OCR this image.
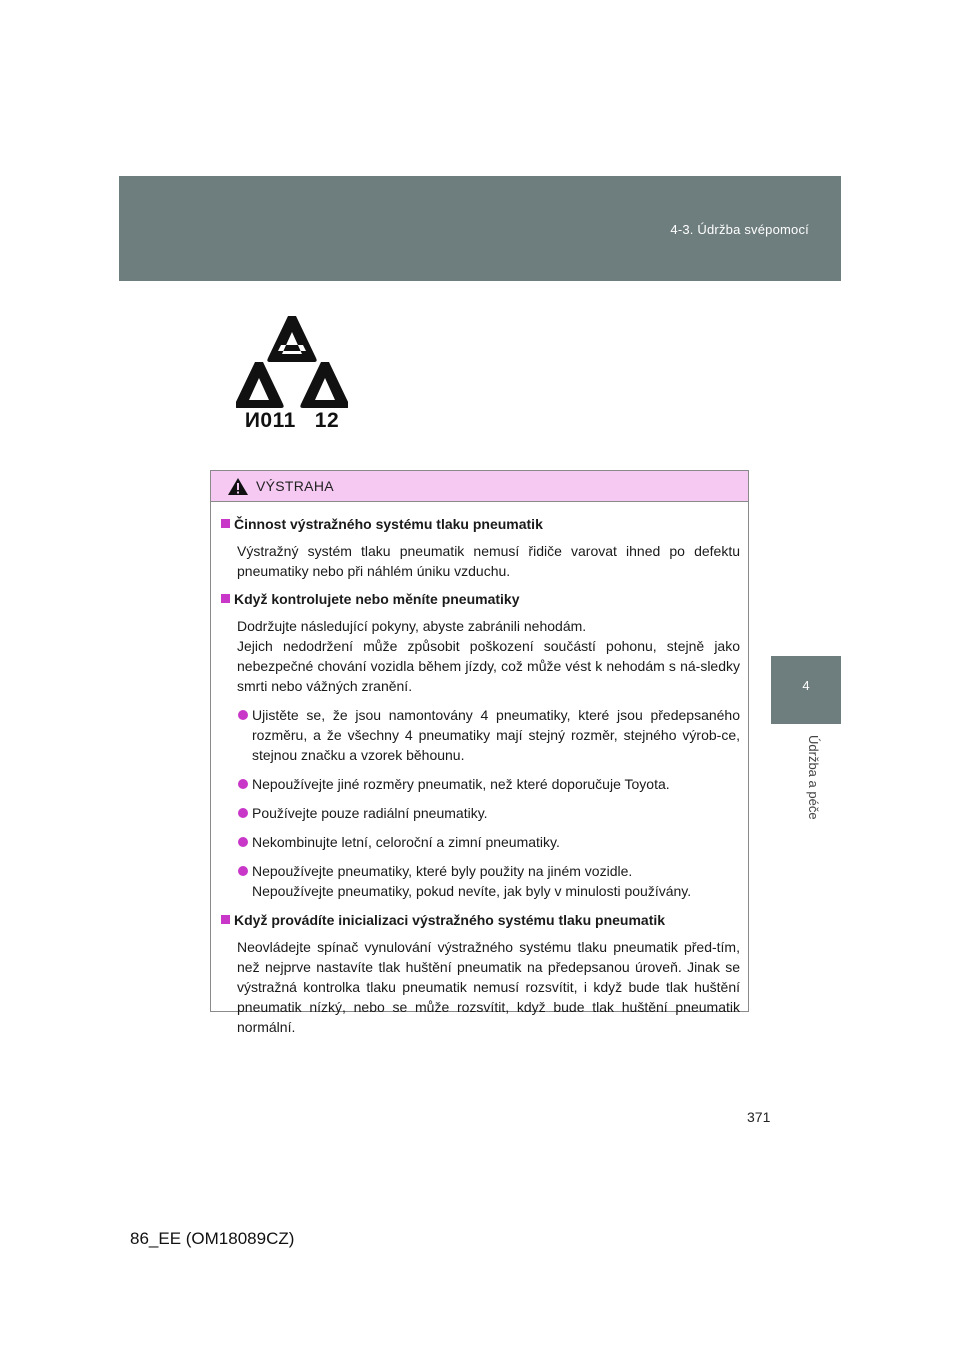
4-3. Údržba svépomocí
4
Údržba a péče
И011   12
VÝSTRAHA
Činnost výstražného systému tlaku pneumatik

Výstražný systém tlaku pneumatik nemusí řidiče varovat ihned po defektu pneumatiky nebo při náhlém úniku vzduchu.

Když kontrolujete nebo měníte pneumatiky

Dodržujte následující pokyny, abyste zabránili nehodám.

Jejich nedodržení může způsobit poškození součástí pohonu, stejně jako nebezpečné chování vozidla během jízdy, což může vést k nehodám s ná-sledky smrti nebo vážných zranění.

Ujistěte se, že jsou namontovány 4 pneumatiky, které jsou předepsaného rozměru, a že všechny 4 pneumatiky mají stejný rozměr, stejného výrob-ce, stejnou značku a vzorek běhounu.
Nepoužívejte jiné rozměry pneumatik, než které doporučuje Toyota.
Používejte pouze radiální pneumatiky.
Nekombinujte letní, celoroční a zimní pneumatiky.
Nepoužívejte pneumatiky, které byly použity na jiném vozidle.
Nepoužívejte pneumatiky, pokud nevíte, jak byly v minulosti používány.
Když provádíte inicializaci výstražného systému tlaku pneumatik

Neovládejte spínač vynulování výstražného systému tlaku pneumatik před-tím, než nejprve nastavíte tlak huštění pneumatik na předepsanou úroveň. Jinak se výstražná kontrolka tlaku pneumatik nemusí rozsvítit, i když bude tlak huštění pneumatik nízký, nebo se může rozsvítit, když bude tlak huštění pneumatik normální.

371
86_EE (OM18089CZ)
